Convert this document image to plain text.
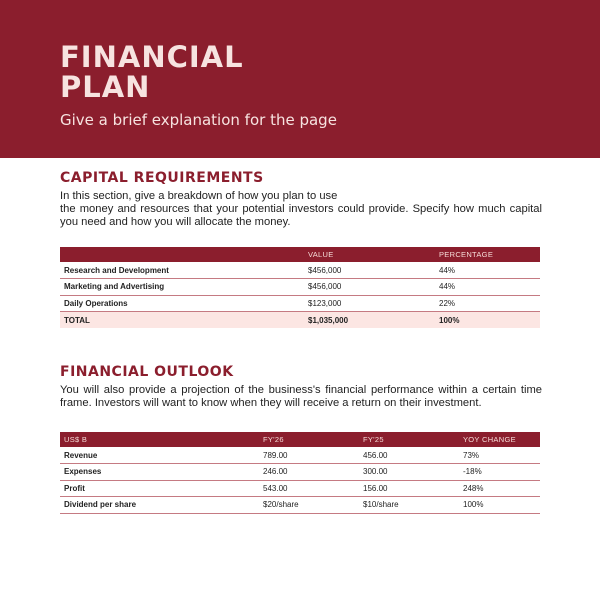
FINANCIAL
PLAN
Give a brief explanation for the page
CAPITAL REQUIREMENTS
In this section, give a breakdown of how you plan to use
the money and resources that your potential investors could provide. Specify how much capital you need and how you will allocate the money.
	VALUE	PERCENTAGE
Research and Development	$456,000	44%
Marketing and Advertising	$456,000	44%
Daily Operations	$123,000	22%
TOTAL	$1,035,000	100%
FINANCIAL OUTLOOK
You will also provide a projection of the business's financial performance within a certain time frame. Investors will want to know when they will receive a return on their investment.
US$ B	FY'26	FY'25	YOY CHANGE
Revenue	789.00	456.00	73%
Expenses	246.00	300.00	-18%
Profit	543.00	156.00	248%
Dividend per share	$20/share	$10/share	100%
